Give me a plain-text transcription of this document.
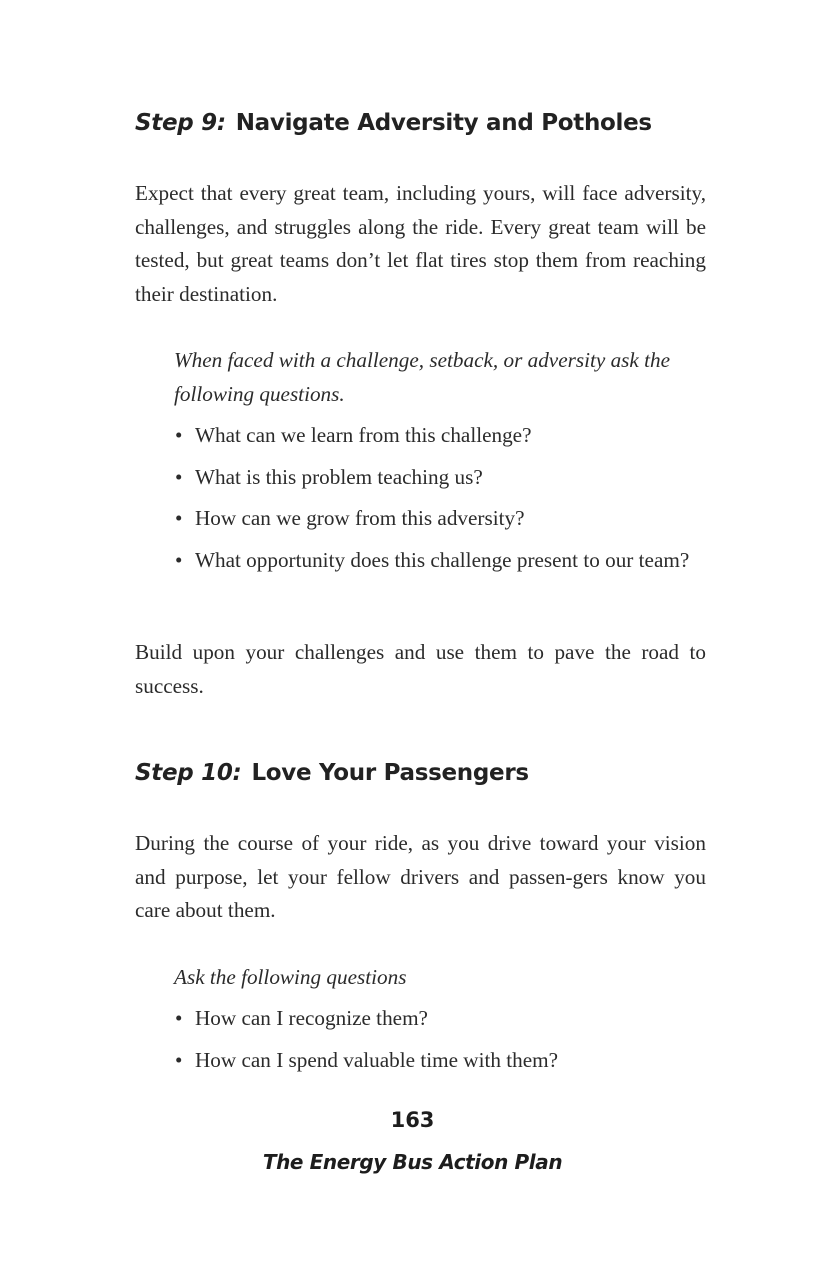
Step 9: Navigate Adversity and Potholes

Expect that every great team, including yours, will face adversity, challenges, and struggles along the ride. Every great team will be tested, but great teams don’t let flat tires stop them from reaching their destination.

When faced with a challenge, setback, or adversity ask the following questions.

• What can we learn from this challenge?
• What is this problem teaching us?
• How can we grow from this adversity?
• What opportunity does this challenge present to our team?

Build upon your challenges and use them to pave the road to success.

Step 10: Love Your Passengers

During the course of your ride, as you drive toward your vision and purpose, let your fellow drivers and passen-gers know you care about them.

Ask the following questions

• How can I recognize them?
• How can I spend valuable time with them?

163

The Energy Bus Action Plan
